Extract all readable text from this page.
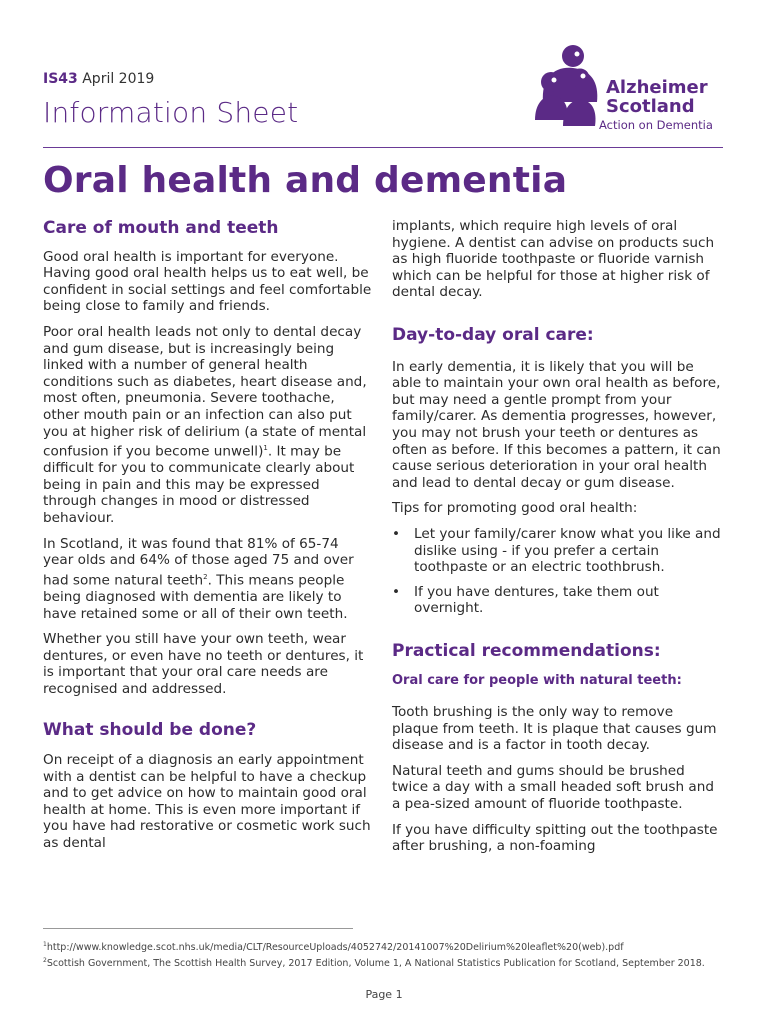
IS43 April 2019
Information Sheet
Alzheimer
Scotland
Action on Dementia
Oral health and dementia
Care of mouth and teeth

Good oral health is important for everyone. Having good oral health helps us to eat well, be confident in social settings and feel comfortable being close to family and friends.

Poor oral health leads not only to dental decay and gum disease, but is increasingly being linked with a number of general health conditions such as diabetes, heart disease and, most often, pneumonia. Severe toothache, other mouth pain or an infection can also put you at higher risk of delirium (a state of mental confusion if you become unwell)$^1$. It may be difficult for you to communicate clearly about being in pain and this may be expressed through changes in mood or distressed behaviour.

In Scotland, it was found that 81% of 65-74 year olds and 64% of those aged 75 and over had some natural teeth$^2$. This means people being diagnosed with dementia are likely to have retained some or all of their own teeth.

Whether you still have your own teeth, wear dentures, or even have no teeth or dentures, it is important that your oral care needs are recognised and addressed.

What should be done?

On receipt of a diagnosis an early appointment with a dentist can be helpful to have a checkup and to get advice on how to maintain good oral health at home. This is even more important if you have had restorative or cosmetic work such as dental

implants, which require high levels of oral hygiene. A dentist can advise on products such as high fluoride toothpaste or fluoride varnish which can be helpful for those at higher risk of dental decay.

Day-to-day oral care:

In early dementia, it is likely that you will be able to maintain your own oral health as before, but may need a gentle prompt from your family/carer. As dementia progresses, however, you may not brush your teeth or dentures as often as before. If this becomes a pattern, it can cause serious deterioration in your oral health and lead to dental decay or gum disease.

Tips for promoting good oral health:

• Let your family/carer know what you like and dislike using - if you prefer a certain toothpaste or an electric toothbrush.
• If you have dentures, take them out overnight.
Practical recommendations:
Oral care for people with natural teeth:

Tooth brushing is the only way to remove plaque from teeth. It is plaque that causes gum disease and is a factor in tooth decay.

Natural teeth and gums should be brushed twice a day with a small headed soft brush and a pea-sized amount of fluoride toothpaste.

If you have difficulty spitting out the toothpaste after brushing, a non-foaming

$^1$http://www.knowledge.scot.nhs.uk/media/CLT/ResourceUploads/4052742/20141007%20Delirium%20leaflet%20(web).pdf
$^2$Scottish Government, The Scottish Health Survey, 2017 Edition, Volume 1, A National Statistics Publication for Scotland, September 2018.
Page 1
